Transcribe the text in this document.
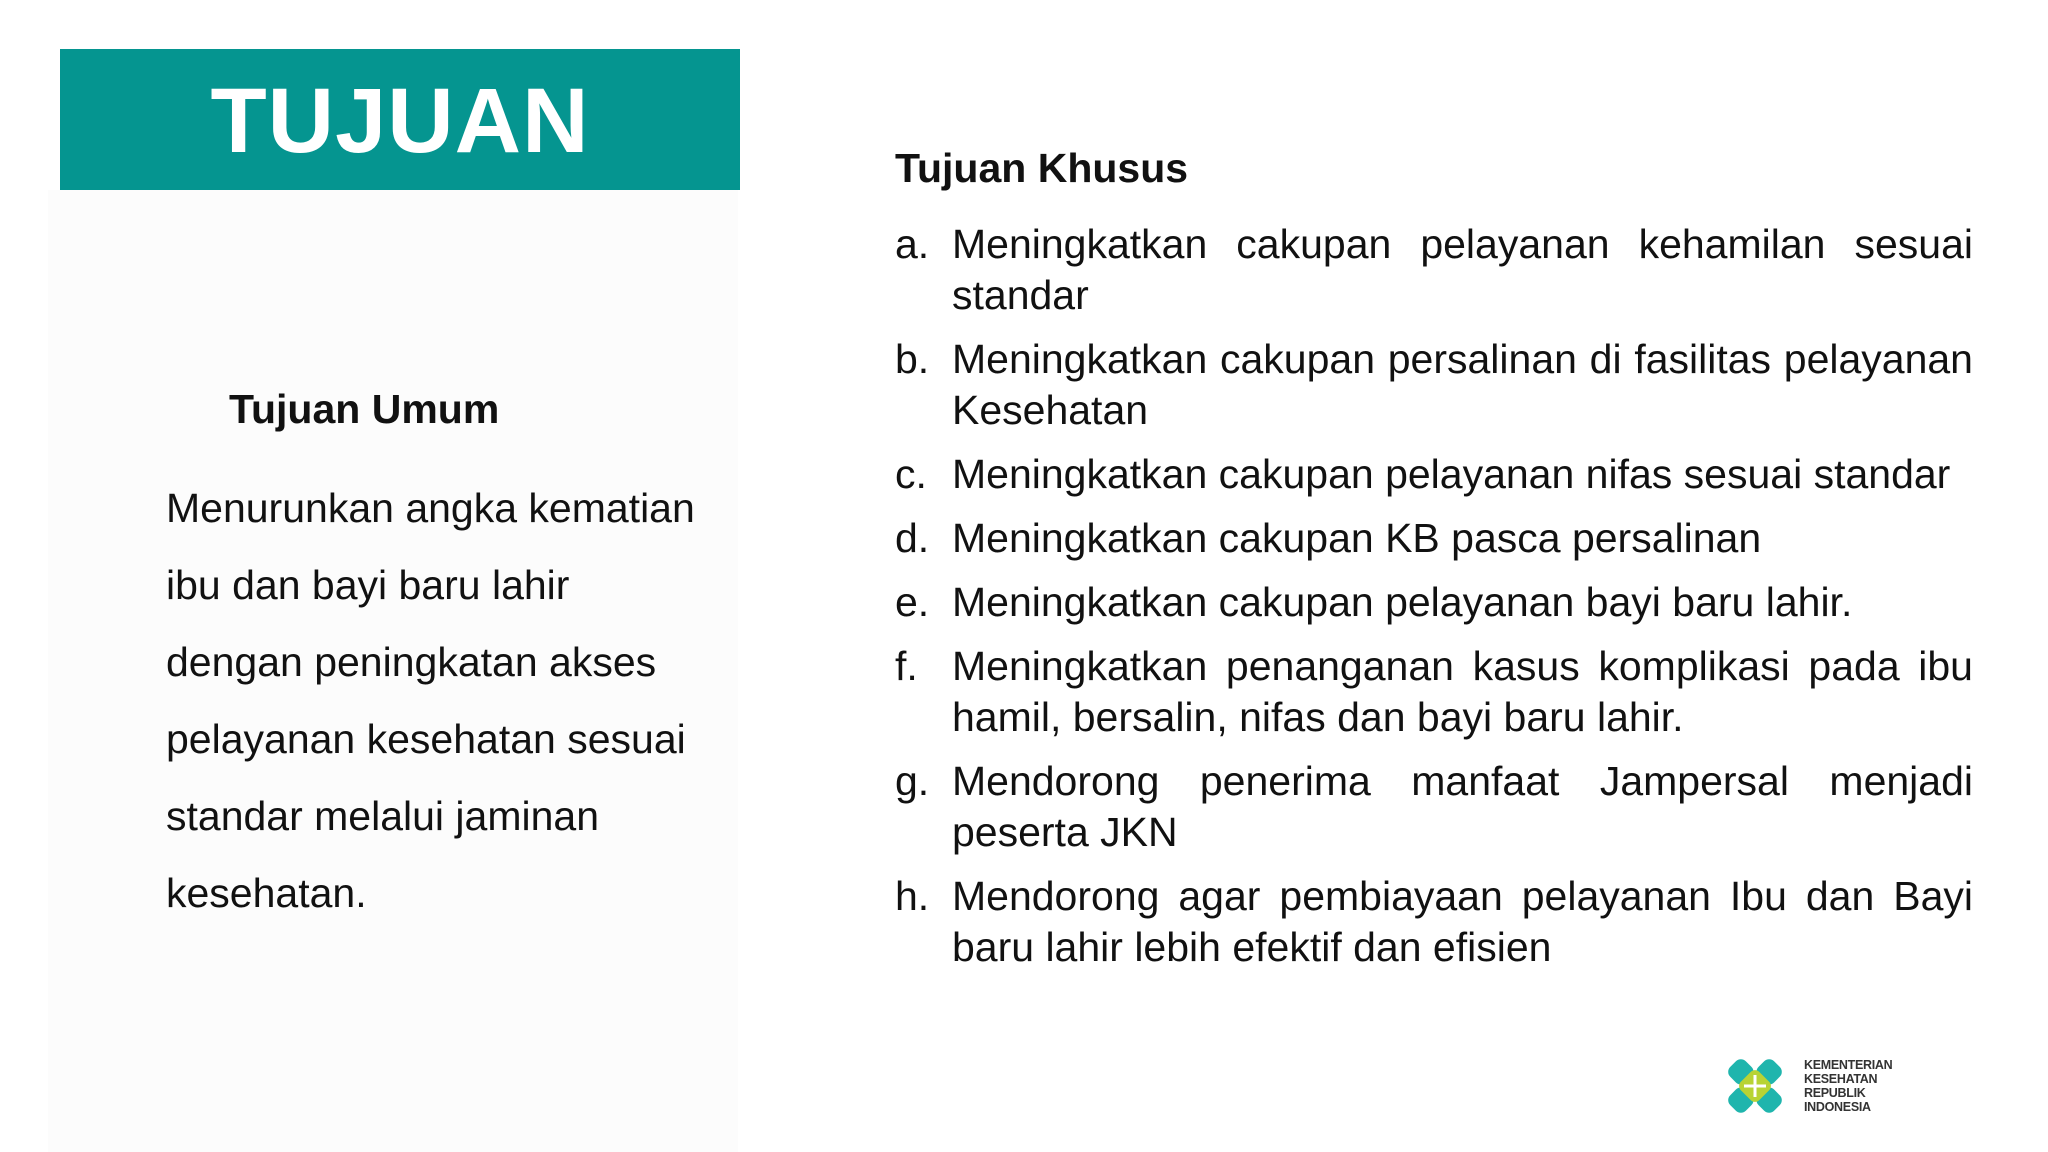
TUJUAN
Tujuan Umum
Menurunkan angka kematian
ibu dan bayi baru lahir
dengan peningkatan akses
pelayanan kesehatan sesuai
standar melalui jaminan
kesehatan.
Tujuan Khusus
a. Meningkatkan cakupan pelayanan kehamilan sesuai standar
b. Meningkatkan cakupan persalinan di fasilitas pelayanan Kesehatan
c. Meningkatkan cakupan pelayanan nifas sesuai standar
d. Meningkatkan cakupan KB pasca persalinan
e. Meningkatkan cakupan pelayanan bayi baru lahir.
f. Meningkatkan penanganan kasus komplikasi pada ibu hamil, bersalin, nifas dan bayi baru lahir.
g. Mendorong penerima manfaat Jampersal menjadi peserta JKN
h. Mendorong agar pembiayaan pelayanan Ibu dan Bayi baru lahir lebih efektif dan efisien
KEMENTERIAN
KESEHATAN
REPUBLIK
INDONESIA
